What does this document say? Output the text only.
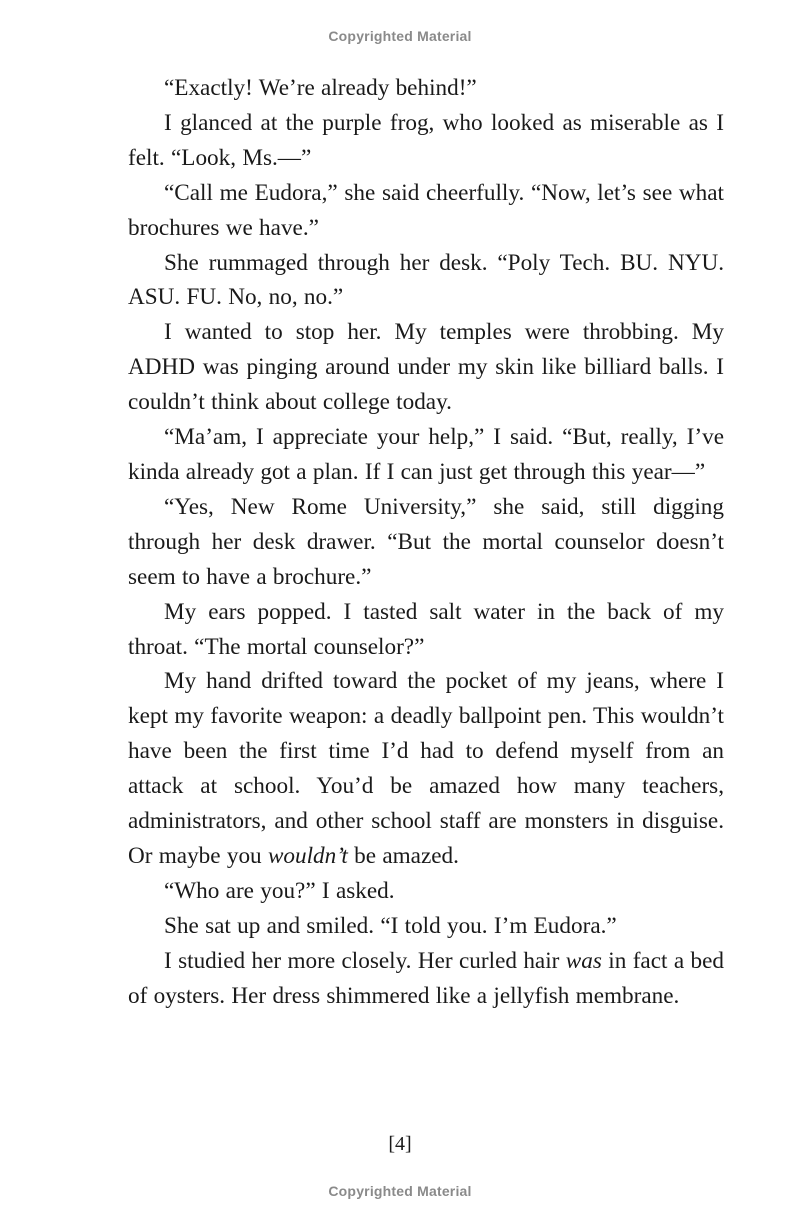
Copyrighted Material

“Exactly! We’re already behind!”

I glanced at the purple frog, who looked as miserable as I felt. “Look, Ms.—”

“Call me Eudora,” she said cheerfully. “Now, let’s see what brochures we have.”

She rummaged through her desk. “Poly Tech. BU. NYU. ASU. FU. No, no, no.”

I wanted to stop her. My temples were throbbing. My ADHD was pinging around under my skin like billiard balls. I couldn’t think about college today.

“Ma’am, I appreciate your help,” I said. “But, really, I’ve kinda already got a plan. If I can just get through this year—”

“Yes, New Rome University,” she said, still digging through her desk drawer. “But the mortal counselor doesn’t seem to have a brochure.”

My ears popped. I tasted salt water in the back of my throat. “The mortal counselor?”

My hand drifted toward the pocket of my jeans, where I kept my favorite weapon: a deadly ballpoint pen. This wouldn’t have been the first time I’d had to defend myself from an attack at school. You’d be amazed how many teachers, administrators, and other school staff are monsters in disguise. Or maybe you wouldn’t be amazed.

“Who are you?” I asked.

She sat up and smiled. “I told you. I’m Eudora.”

I studied her more closely. Her curled hair was in fact a bed of oysters. Her dress shimmered like a jellyfish membrane.

[4]
Copyrighted Material
